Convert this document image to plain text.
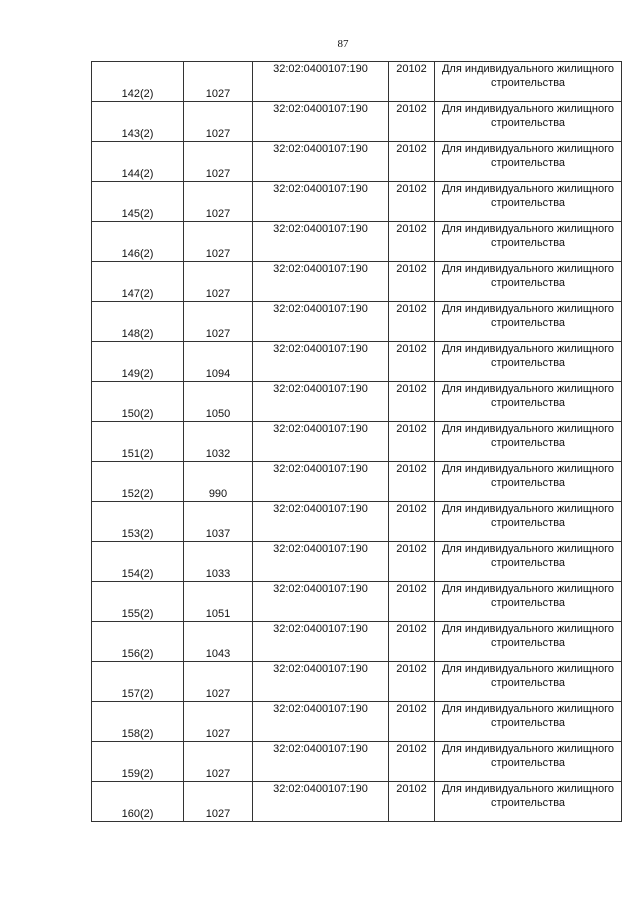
87
142(2)	1027	32:02:0400107:190	20102	Для индивидуального жилищного
строительства

143(2)	1027	32:02:0400107:190	20102	Для индивидуального жилищного
строительства

144(2)	1027	32:02:0400107:190	20102	Для индивидуального жилищного
строительства

145(2)	1027	32:02:0400107:190	20102	Для индивидуального жилищного
строительства

146(2)	1027	32:02:0400107:190	20102	Для индивидуального жилищного
строительства

147(2)	1027	32:02:0400107:190	20102	Для индивидуального жилищного
строительства

148(2)	1027	32:02:0400107:190	20102	Для индивидуального жилищного
строительства

149(2)	1094	32:02:0400107:190	20102	Для индивидуального жилищного
строительства

150(2)	1050	32:02:0400107:190	20102	Для индивидуального жилищного
строительства

151(2)	1032	32:02:0400107:190	20102	Для индивидуального жилищного
строительства

152(2)	990	32:02:0400107:190	20102	Для индивидуального жилищного
строительства

153(2)	1037	32:02:0400107:190	20102	Для индивидуального жилищного
строительства

154(2)	1033	32:02:0400107:190	20102	Для индивидуального жилищного
строительства

155(2)	1051	32:02:0400107:190	20102	Для индивидуального жилищного
строительства

156(2)	1043	32:02:0400107:190	20102	Для индивидуального жилищного
строительства

157(2)	1027	32:02:0400107:190	20102	Для индивидуального жилищного
строительства

158(2)	1027	32:02:0400107:190	20102	Для индивидуального жилищного
строительства

159(2)	1027	32:02:0400107:190	20102	Для индивидуального жилищного
строительства

160(2)	1027	32:02:0400107:190	20102	Для индивидуального жилищного
строительства
